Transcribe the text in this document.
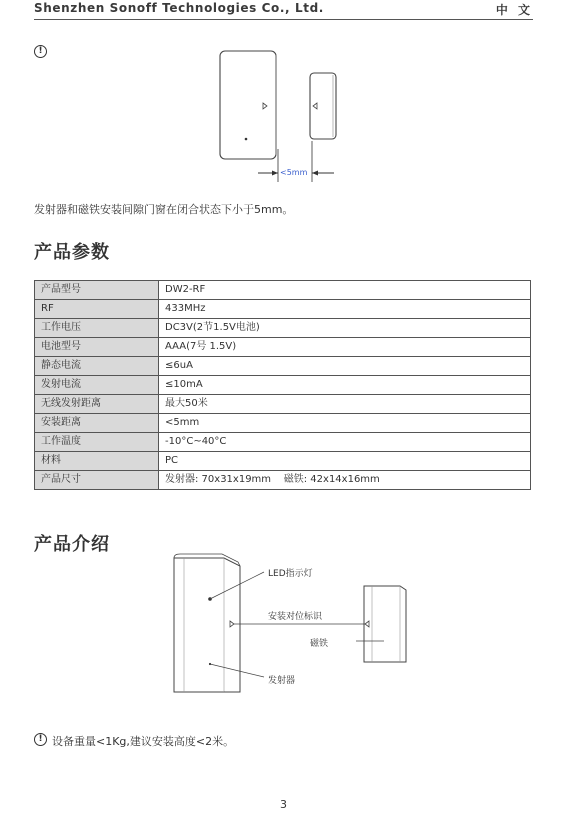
Shenzhen Sonoff Technologies Co., Ltd.	中 文
!
<5mm
发射器和磁铁安装间隙门窗在闭合状态下小于5mm。
产品参数
产品型号	DW2-RF
RF	433MHz
工作电压	DC3V(2节1.5V电池)
电池型号	AAA(7号 1.5V)
静态电流	≤6uA
发射电流	≤10mA
无线发射距离	最大50米
安装距离	<5mm
工作温度	-10°C~40°C
材料	PC
产品尺寸	发射器: 70x31x19mm    磁铁: 42x14x16mm
产品介绍
LED指示灯
安装对位标识
磁铁
发射器
! 设备重量<1Kg,建议安装高度<2米。
3
